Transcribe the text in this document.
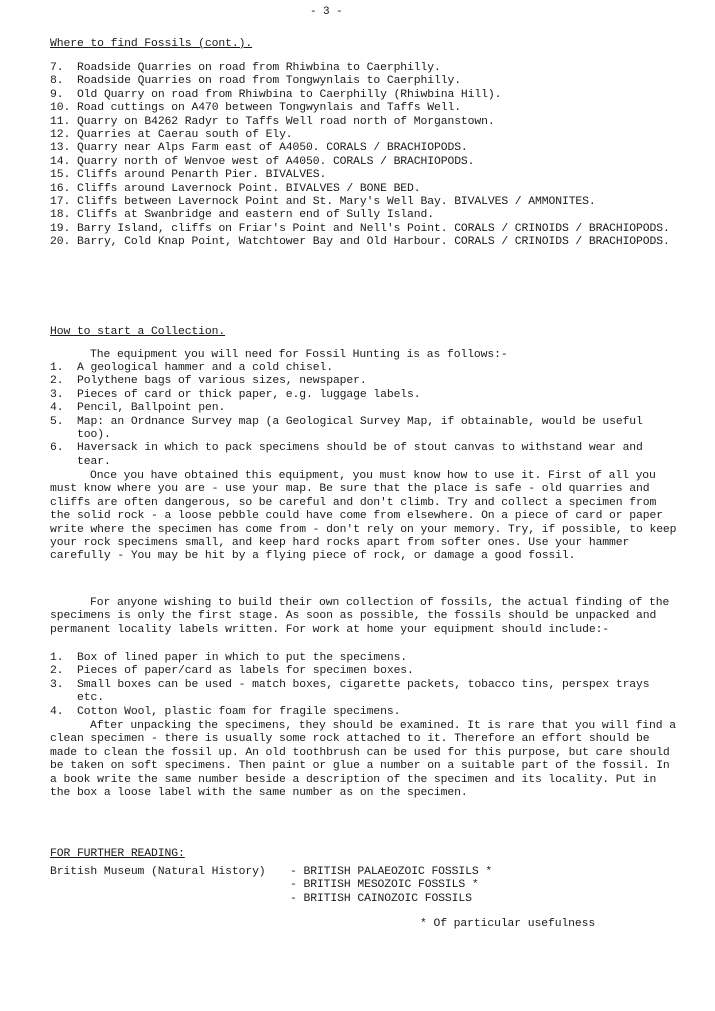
- 3 -
Where to find Fossils (cont.).
7.	Roadside Quarries on road from Rhiwbina to Caerphilly.
8.	Roadside Quarries on road from Tongwynlais to Caerphilly.
9.	Old Quarry on road from Rhiwbina to Caerphilly (Rhiwbina Hill).
10. Road cuttings on A470 between Tongwynlais and Taffs Well.
11. Quarry on B4262 Radyr to Taffs Well road north of Morganstown.
12. Quarries at Caerau south of Ely.
13. Quarry near Alps Farm east of A4050. CORALS / BRACHIOPODS.
14. Quarry north of Wenvoe west of A4050. CORALS / BRACHIOPODS.
15. Cliffs around Penarth Pier. BIVALVES.
16. Cliffs around Lavernock Point. BIVALVES / BONE BED.
17. Cliffs between Lavernock Point and St. Mary's Well Bay. BIVALVES / AMMONITES.
18. Cliffs at Swanbridge and eastern end of Sully Island.
19. Barry Island, cliffs on Friar's Point and Nell's Point. CORALS / CRINOIDS / BRACHIOPODS.
20. Barry, Cold Knap Point, Watchtower Bay and Old Harbour. CORALS / CRINOIDS / BRACHIOPODS.
How to start a Collection.

The equipment you will need for Fossil Hunting is as follows:-

1.	A geological hammer and a cold chisel.
2.	Polythene bags of various sizes, newspaper.
3.	Pieces of card or thick paper, e.g. luggage labels.
4.	Pencil, Ballpoint pen.
5.	Map: an Ordnance Survey map (a Geological Survey Map, if obtainable, would be useful too).
6.	Haversack in which to pack specimens should be of stout canvas to withstand wear and tear.

Once you have obtained this equipment, you must know how to use it. First of all you must know where you are - use your map. Be sure that the place is safe - old quarries and cliffs are often dangerous, so be careful and don't climb. Try and collect a specimen from the solid rock - a loose pebble could have come from elsewhere. On a piece of card or paper write where the specimen has come from - don't rely on your memory. Try, if possible, to keep your rock specimens small, and keep hard rocks apart from softer ones. Use your hammer carefully - You may be hit by a flying piece of rock, or damage a good fossil.

For anyone wishing to build their own collection of fossils, the actual finding of the specimens is only the first stage. As soon as possible, the fossils should be unpacked and permanent locality labels written. For work at home your equipment should include:-

1.	Box of lined paper in which to put the specimens.
2.	Pieces of paper/card as labels for specimen boxes.
3.	Small boxes can be used - match boxes, cigarette packets, tobacco tins, perspex trays etc.
4.	Cotton Wool, plastic foam for fragile specimens.

After unpacking the specimens, they should be examined. It is rare that you will find a clean specimen - there is usually some rock attached to it. Therefore an effort should be made to clean the fossil up. An old toothbrush can be used for this purpose, but care should be taken on soft specimens. Then paint or glue a number on a suitable part of the fossil. In a book write the same number beside a description of the specimen and its locality. Put in the box a loose label with the same number as on the specimen.

FOR FURTHER READING:
British Museum (Natural History)	- BRITISH PALAEOZOIC FOSSILS *
- BRITISH MESOZOIC FOSSILS *
- BRITISH CAINOZOIC FOSSILS
* Of particular usefulness
